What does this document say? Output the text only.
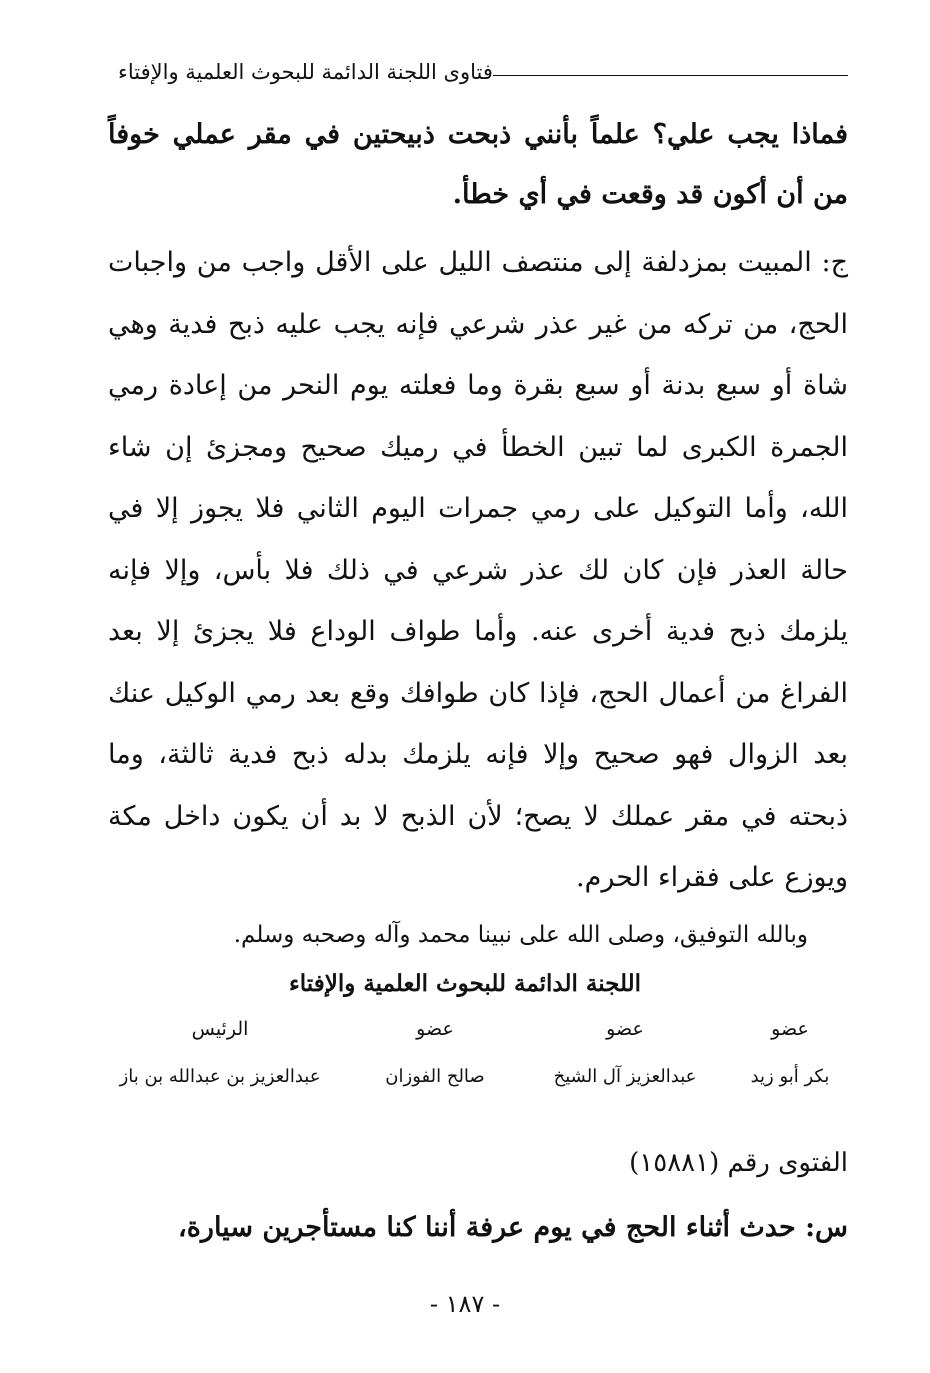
فتاوى اللجنة الدائمة للبحوث العلمية والإفتاء
فماذا يجب علي؟ علماً بأنني ذبحت ذبيحتين في مقر عملي خوفاً من أن أكون قد وقعت في أي خطأ.
ج: المبيت بمزدلفة إلى منتصف الليل على الأقل واجب من واجبات الحج، من تركه من غير عذر شرعي فإنه يجب عليه ذبح فدية وهي شاة أو سبع بدنة أو سبع بقرة وما فعلته يوم النحر من إعادة رمي الجمرة الكبرى لما تبين الخطأ في رميك صحيح ومجزئ إن شاء الله، وأما التوكيل على رمي جمرات اليوم الثاني فلا يجوز إلا في حالة العذر فإن كان لك عذر شرعي في ذلك فلا بأس، وإلا فإنه يلزمك ذبح فدية أخرى عنه. وأما طواف الوداع فلا يجزئ إلا بعد الفراغ من أعمال الحج، فإذا كان طوافك وقع بعد رمي الوكيل عنك بعد الزوال فهو صحيح وإلا فإنه يلزمك بدله ذبح فدية ثالثة، وما ذبحته في مقر عملك لا يصح؛ لأن الذبح لا بد أن يكون داخل مكة ويوزع على فقراء الحرم.
وبالله التوفيق، وصلى الله على نبينا محمد وآله وصحبه وسلم.
اللجنة الدائمة للبحوث العلمية والإفتاء
عضو
عضو
عضو
الرئيس
بكر أبو زيد
عبدالعزيز آل الشيخ
صالح الفوزان
عبدالعزيز بن عبدالله بن باز
الفتوى رقم (١٥٨٨١)
س: حدث أثناء الحج في يوم عرفة أننا كنا مستأجرين سيارة،
- ١٨٧ -
